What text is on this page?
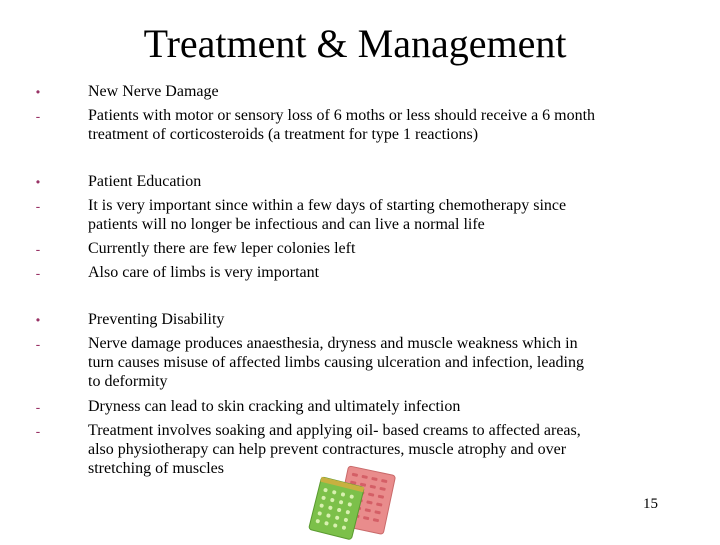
Treatment & Management
•	New Nerve Damage
-	Patients with motor or sensory loss of 6 moths or less should receive a 6 month
treatment of corticosteroids (a treatment for type 1 reactions)
•	Patient Education
-	It is very important since within a few days of starting chemotherapy since
patients will no longer be infectious and can live a normal life
-	Currently there are few leper colonies left
-	Also care of limbs is very important
•	Preventing Disability
-	Nerve damage produces anaesthesia, dryness and muscle weakness which in
turn causes misuse of affected limbs causing ulceration and infection, leading
to deformity
-	Dryness can lead to skin cracking and ultimately infection
-	Treatment involves soaking and applying oil- based creams to affected areas,
also physiotherapy can help prevent contractures, muscle atrophy and over
stretching of muscles
15
